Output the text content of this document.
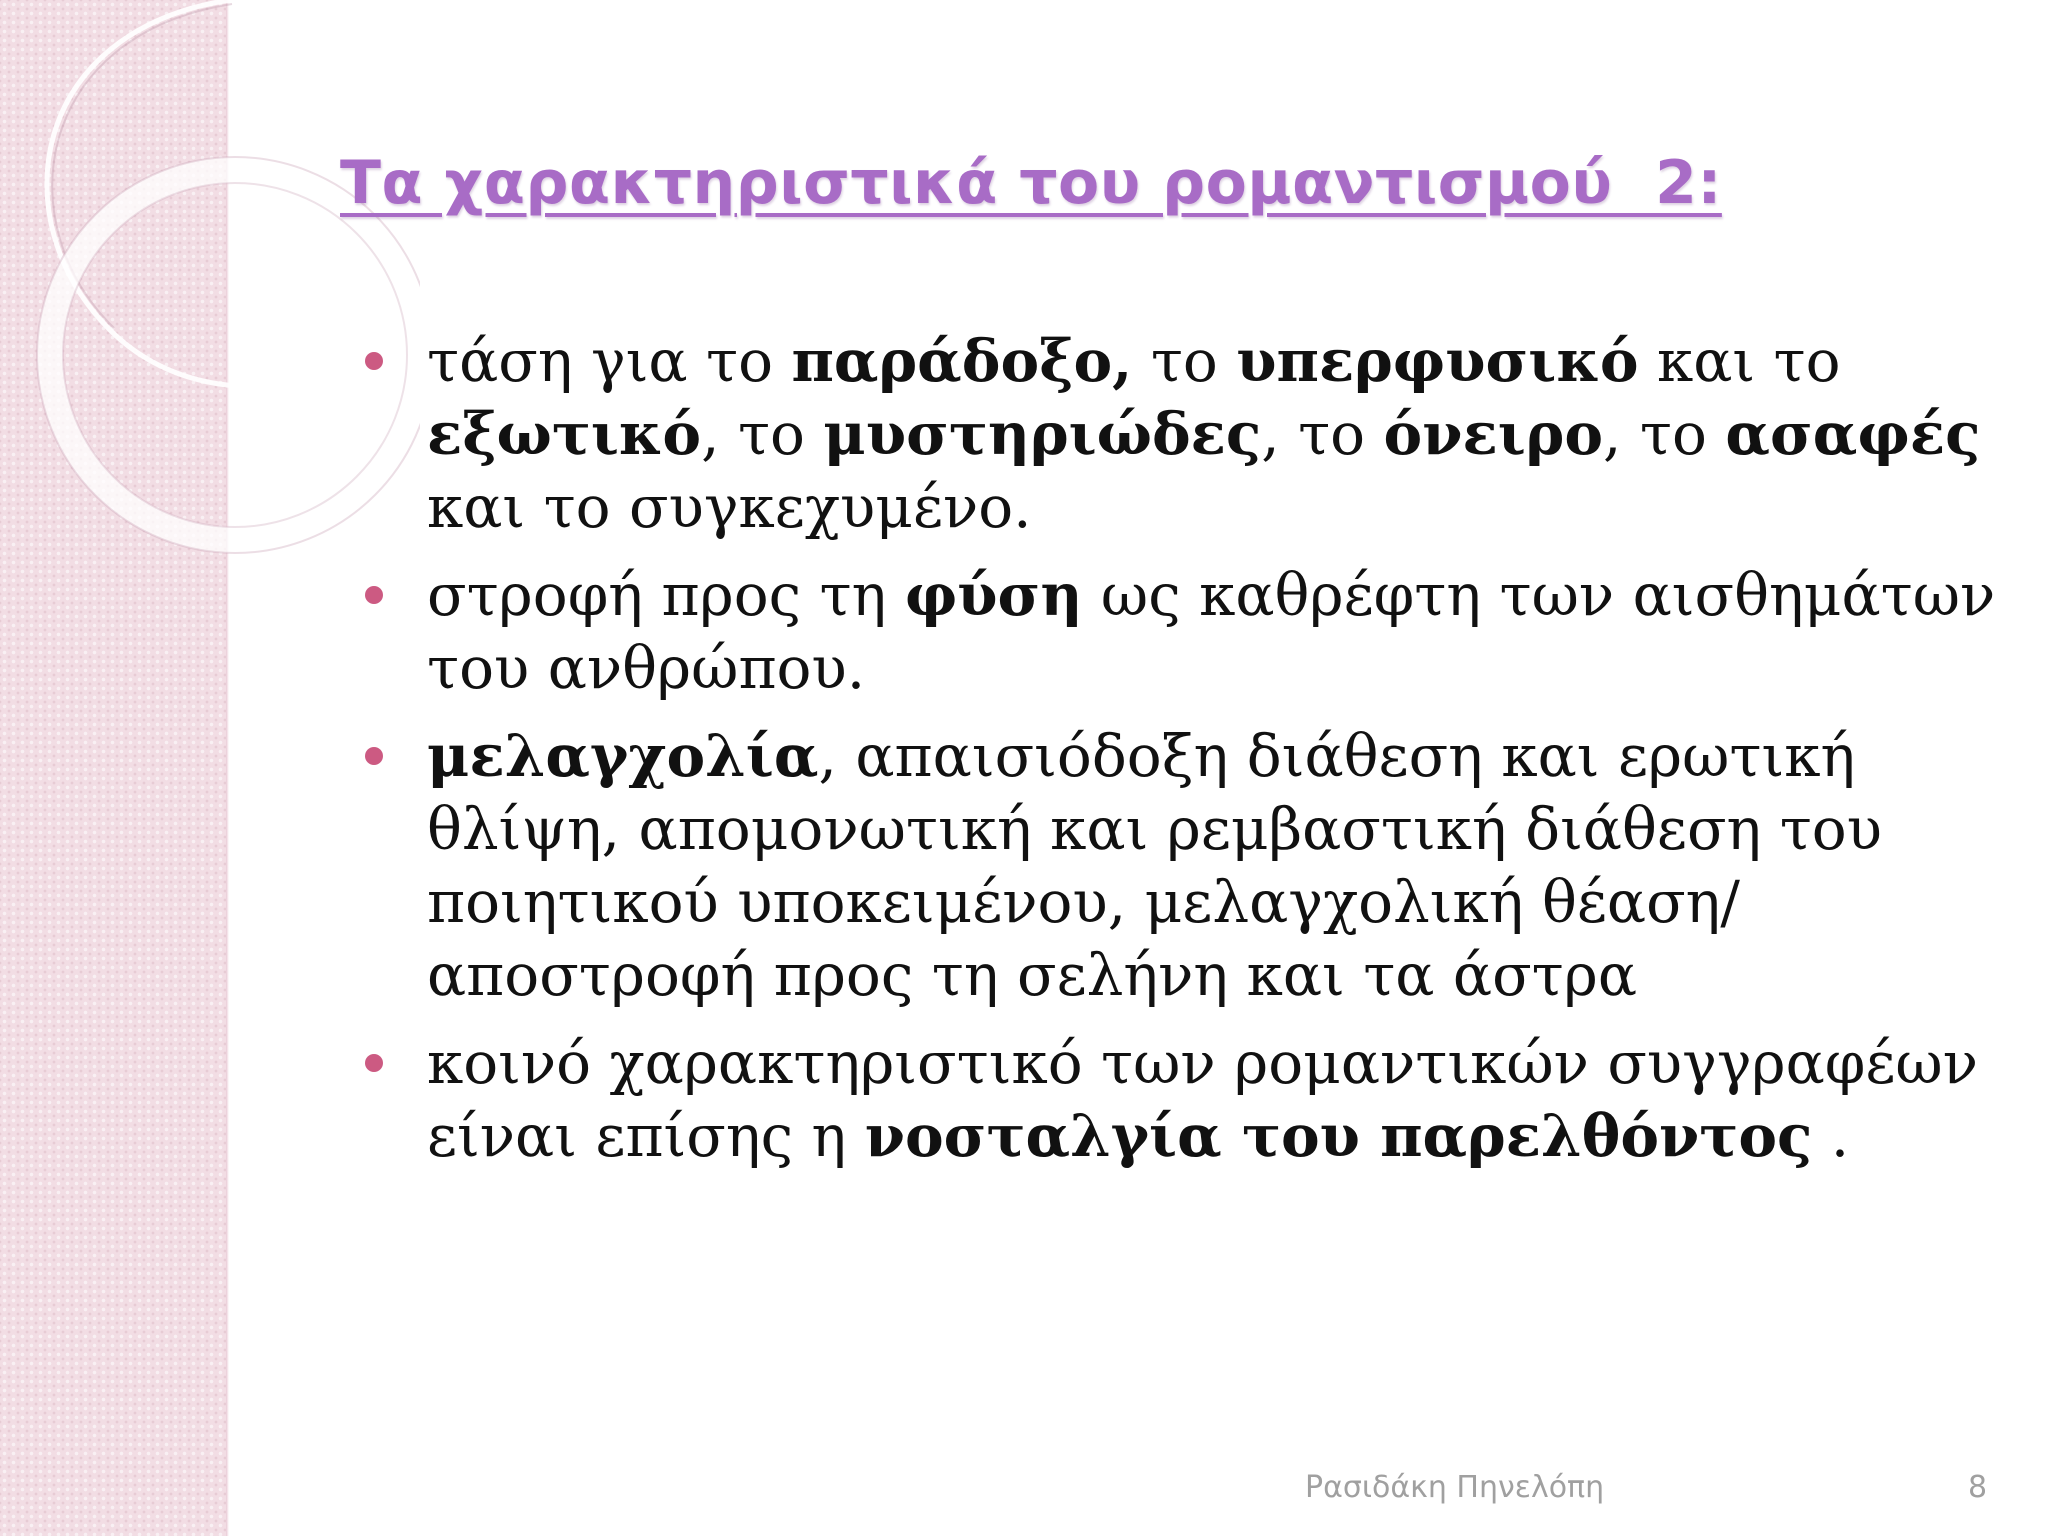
Τα χαρακτηριστικά του ρομαντισμού  2:
τάση για το παράδοξο, το υπερφυσικό και το εξωτικό, το μυστηριώδες, το όνειρο, το ασαφές και το συγκεχυμένο.
στροφή προς τη φύση ως καθρέφτη των αισθημάτων του ανθρώπου.
μελαγχολία, απαισιόδοξη διάθεση και ερωτική θλίψη, απομονωτική και ρεμβαστική διάθεση του ποιητικού υποκειμένου, μελαγχολική θέαση/αποστροφή προς τη σελήνη και τα άστρα
κοινό χαρακτηριστικό των ρομαντικών συγγραφέων είναι επίσης η νοσταλγία του παρελθόντος .
Ρασιδάκη Πηνελόπη	8
